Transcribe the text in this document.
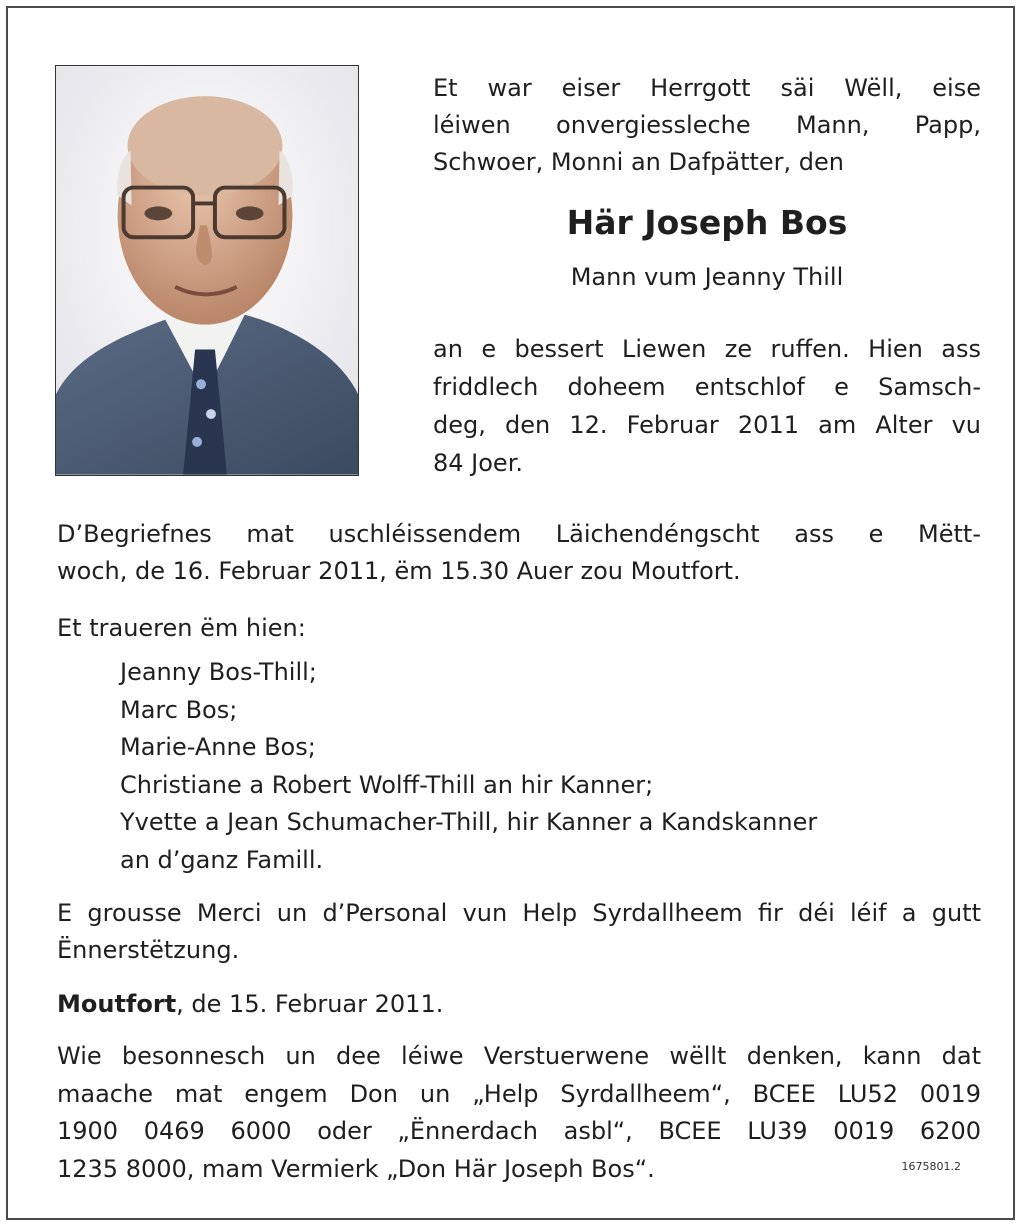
Et war eiser Herrgott säi Wëll, eise
léiwen onvergiessleche Mann, Papp,
Schwoer, Monni an Dafpätter, den
Här Joseph Bos
Mann vum Jeanny Thill
an e bessert Liewen ze ruffen. Hien ass
friddlech doheem entschlof e Samsch-
deg, den 12. Februar 2011 am Alter vu
84 Joer.
D’Begriefnes mat uschléissendem Läichendéngscht ass e Mëtt-
woch, de 16. Februar 2011, ëm 15.30 Auer zou Moutfort.
Et traueren ëm hien:
Jeanny Bos-Thill;
Marc Bos;
Marie-Anne Bos;
Christiane a Robert Wolff-Thill an hir Kanner;
Yvette a Jean Schumacher-Thill, hir Kanner a Kandskanner
an d’ganz Famill.
E grousse Merci un d’Personal vun Help Syrdallheem fir déi léif a gutt
Ënnerstëtzung.
Moutfort, de 15. Februar 2011.
Wie besonnesch un dee léiwe Verstuerwene wëllt denken, kann dat
maache mat engem Don un „Help Syrdallheem“, BCEE LU52 0019
1900 0469 6000 oder „Ënnerdach asbl“, BCEE LU39 0019 6200
1235 8000, mam Vermierk „Don Här Joseph Bos“.	1675801.2
